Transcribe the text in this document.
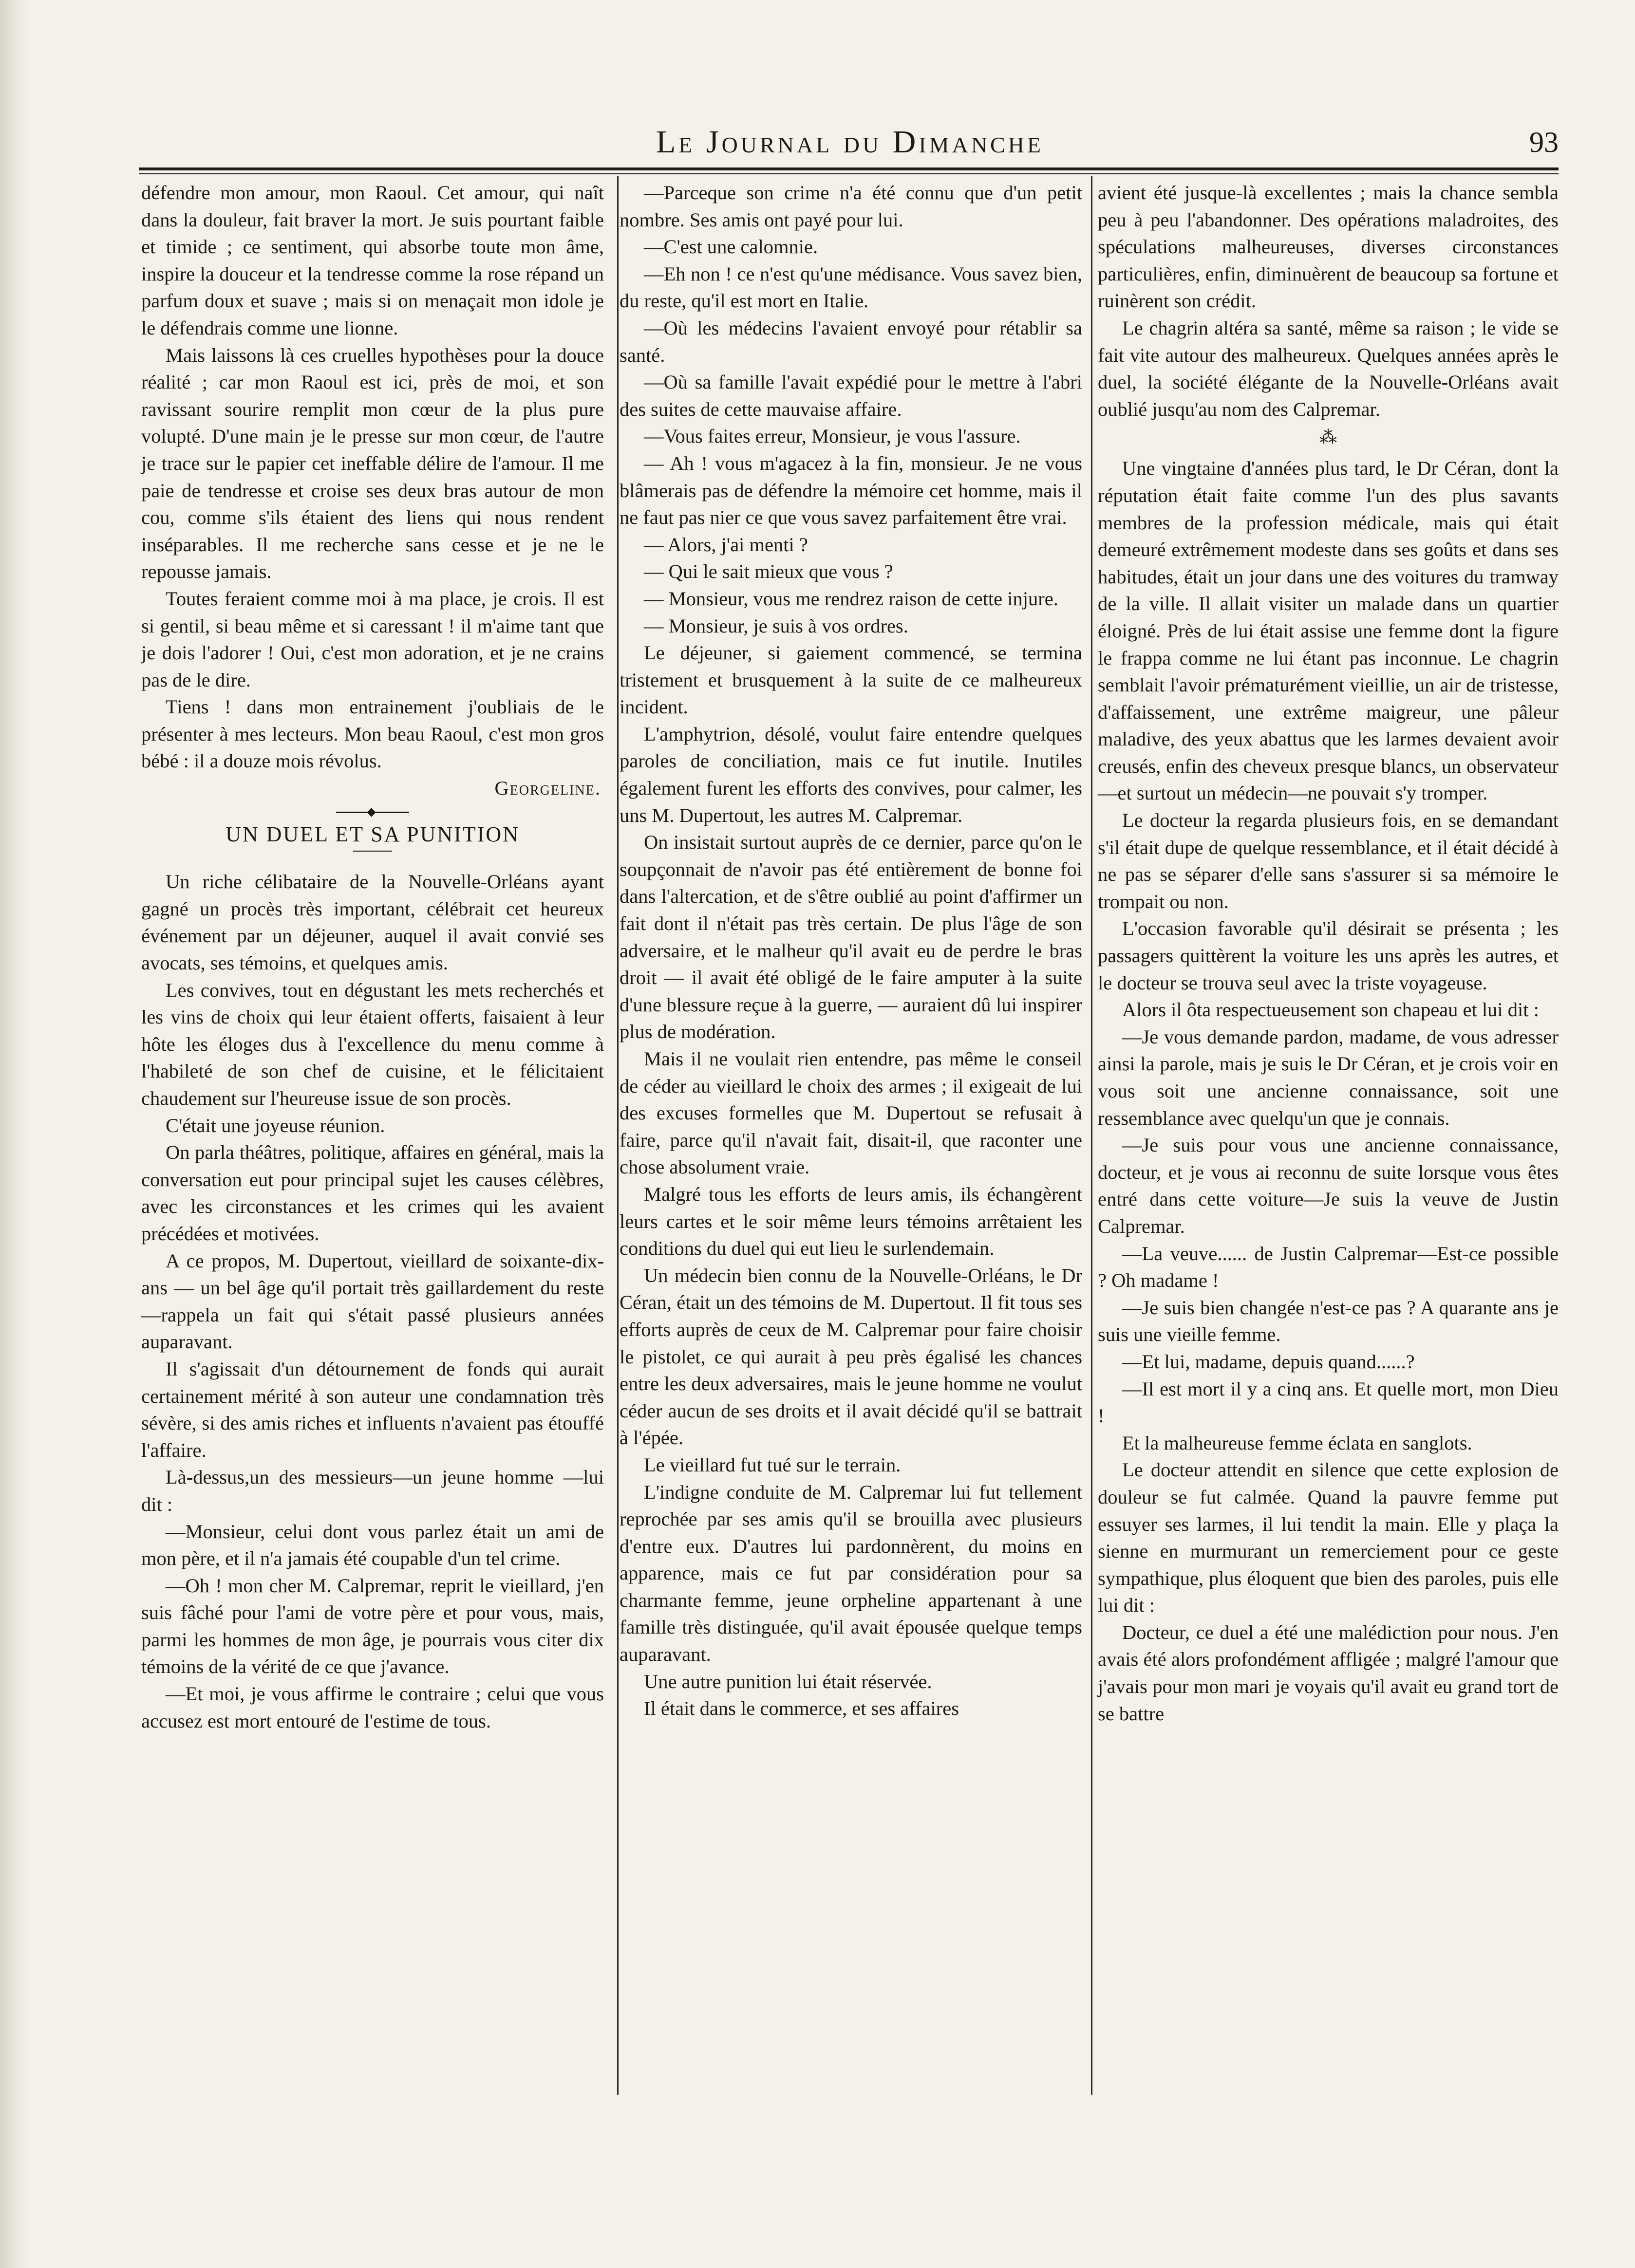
Le Journal du Dimanche	93

défendre mon amour, mon Raoul. Cet amour, qui naît dans la douleur, fait braver la mort. Je suis pourtant faible et timide ; ce sentiment, qui absorbe toute mon âme, inspire la douceur et la tendresse comme la rose répand un parfum doux et suave ; mais si on menaçait mon idole je le défendrais comme une lionne.

Mais laissons là ces cruelles hypothèses pour la douce réalité ; car mon Raoul est ici, près de moi, et son ravissant sourire remplit mon cœur de la plus pure volupté. D'une main je le presse sur mon cœur, de l'autre je trace sur le papier cet ineffable délire de l'amour. Il me paie de tendresse et croise ses deux bras autour de mon cou, comme s'ils étaient des liens qui nous rendent inséparables. Il me recherche sans cesse et je ne le repousse jamais.

Toutes feraient comme moi à ma place, je crois. Il est si gentil, si beau même et si caressant ! il m'aime tant que je dois l'adorer ! Oui, c'est mon adoration, et je ne crains pas de le dire.

Tiens ! dans mon entrainement j'oubliais de le présenter à mes lecteurs. Mon beau Raoul, c'est mon gros bébé : il a douze mois révolus.

Georgeline.

UN DUEL ET SA PUNITION

Un riche célibataire de la Nouvelle-Orléans ayant gagné un procès très important, célébrait cet heureux événement par un déjeuner, auquel il avait convié ses avocats, ses témoins, et quelques amis.

Les convives, tout en dégustant les mets recherchés et les vins de choix qui leur étaient offerts, faisaient à leur hôte les éloges dus à l'excellence du menu comme à l'habileté de son chef de cuisine, et le félicitaient chaudement sur l'heureuse issue de son procès.

C'était une joyeuse réunion.

On parla théâtres, politique, affaires en général, mais la conversation eut pour principal sujet les causes célèbres, avec les circonstances et les crimes qui les avaient précédées et motivées.

A ce propos, M. Dupertout, vieillard de soixante-dix-ans — un bel âge qu'il portait très gaillardement du reste—rappela un fait qui s'était passé plusieurs années auparavant.

Il s'agissait d'un détournement de fonds qui aurait certainement mérité à son auteur une condamnation très sévère, si des amis riches et influents n'avaient pas étouffé l'affaire.

Là-dessus,un des messieurs—un jeune homme —lui dit :

—Monsieur, celui dont vous parlez était un ami de mon père, et il n'a jamais été coupable d'un tel crime.

—Oh ! mon cher M. Calpremar, reprit le vieillard, j'en suis fâché pour l'ami de votre père et pour vous, mais, parmi les hommes de mon âge, je pourrais vous citer dix témoins de la vérité de ce que j'avance.

—Et moi, je vous affirme le contraire ; celui que vous accusez est mort entouré de l'estime de tous.

—Parceque son crime n'a été connu que d'un petit nombre. Ses amis ont payé pour lui.

—C'est une calomnie.

—Eh non ! ce n'est qu'une médisance. Vous savez bien, du reste, qu'il est mort en Italie.

—Où les médecins l'avaient envoyé pour rétablir sa santé.

—Où sa famille l'avait expédié pour le mettre à l'abri des suites de cette mauvaise affaire.

—Vous faites erreur, Monsieur, je vous l'assure.

— Ah ! vous m'agacez à la fin, monsieur. Je ne vous blâmerais pas de défendre la mémoire cet homme, mais il ne faut pas nier ce que vous savez parfaitement être vrai.

— Alors, j'ai menti ?

— Qui le sait mieux que vous ?

— Monsieur, vous me rendrez raison de cette injure.

— Monsieur, je suis à vos ordres.

Le déjeuner, si gaiement commencé, se termina tristement et brusquement à la suite de ce malheureux incident.

L'amphytrion, désolé, voulut faire entendre quelques paroles de conciliation, mais ce fut inutile. Inutiles également furent les efforts des convives, pour calmer, les uns M. Dupertout, les autres M. Calpremar.

On insistait surtout auprès de ce dernier, parce qu'on le soupçonnait de n'avoir pas été entièrement de bonne foi dans l'altercation, et de s'être oublié au point d'affirmer un fait dont il n'était pas très certain. De plus l'âge de son adversaire, et le malheur qu'il avait eu de perdre le bras droit — il avait été obligé de le faire amputer à la suite d'une blessure reçue à la guerre, — auraient dû lui inspirer plus de modération.

Mais il ne voulait rien entendre, pas même le conseil de céder au vieillard le choix des armes ; il exigeait de lui des excuses formelles que M. Dupertout se refusait à faire, parce qu'il n'avait fait, disait-il, que raconter une chose absolument vraie.

Malgré tous les efforts de leurs amis, ils échangèrent leurs cartes et le soir même leurs témoins arrêtaient les conditions du duel qui eut lieu le surlendemain.

Un médecin bien connu de la Nouvelle-Orléans, le Dr Céran, était un des témoins de M. Dupertout. Il fit tous ses efforts auprès de ceux de M. Calpremar pour faire choisir le pistolet, ce qui aurait à peu près égalisé les chances entre les deux adversaires, mais le jeune homme ne voulut céder aucun de ses droits et il avait décidé qu'il se battrait à l'épée.

Le vieillard fut tué sur le terrain.

L'indigne conduite de M. Calpremar lui fut tellement reprochée par ses amis qu'il se brouilla avec plusieurs d'entre eux. D'autres lui pardonnèrent, du moins en apparence, mais ce fut par considération pour sa charmante femme, jeune orpheline appartenant à une famille très distinguée, qu'il avait épousée quelque temps auparavant.

Une autre punition lui était réservée.

Il était dans le commerce, et ses affaires

avient été jusque-là excellentes ; mais la chance sembla peu à peu l'abandonner. Des opérations maladroites, des spéculations malheureuses, diverses circonstances particulières, enfin, diminuèrent de beaucoup sa fortune et ruinèrent son crédit.

Le chagrin altéra sa santé, même sa raison ; le vide se fait vite autour des malheureux. Quelques années après le duel, la société élégante de la Nouvelle-Orléans avait oublié jusqu'au nom des Calpremar.

⁂

Une vingtaine d'années plus tard, le Dr Céran, dont la réputation était faite comme l'un des plus savants membres de la profession médicale, mais qui était demeuré extrêmement modeste dans ses goûts et dans ses habitudes, était un jour dans une des voitures du tramway de la ville. Il allait visiter un malade dans un quartier éloigné. Près de lui était assise une femme dont la figure le frappa comme ne lui étant pas inconnue. Le chagrin semblait l'avoir prématurément vieillie, un air de tristesse, d'affaissement, une extrême maigreur, une pâleur maladive, des yeux abattus que les larmes devaient avoir creusés, enfin des cheveux presque blancs, un observateur—et surtout un médecin—ne pouvait s'y tromper.

Le docteur la regarda plusieurs fois, en se demandant s'il était dupe de quelque ressemblance, et il était décidé à ne pas se séparer d'elle sans s'assurer si sa mémoire le trompait ou non.

L'occasion favorable qu'il désirait se présenta ; les passagers quittèrent la voiture les uns après les autres, et le docteur se trouva seul avec la triste voyageuse.

Alors il ôta respectueusement son chapeau et lui dit :

—Je vous demande pardon, madame, de vous adresser ainsi la parole, mais je suis le Dr Céran, et je crois voir en vous soit une ancienne connaissance, soit une ressemblance avec quelqu'un que je connais.

—Je suis pour vous une ancienne connaissance, docteur, et je vous ai reconnu de suite lorsque vous êtes entré dans cette voiture—Je suis la veuve de Justin Calpremar.

—La veuve...... de Justin Calpremar—Est-ce possible ? Oh madame !

—Je suis bien changée n'est-ce pas ? A quarante ans je suis une vieille femme.

—Et lui, madame, depuis quand......?

—Il est mort il y a cinq ans. Et quelle mort, mon Dieu !

Et la malheureuse femme éclata en sanglots.

Le docteur attendit en silence que cette explosion de douleur se fut calmée. Quand la pauvre femme put essuyer ses larmes, il lui tendit la main. Elle y plaça la sienne en murmurant un remerciement pour ce geste sympathique, plus éloquent que bien des paroles, puis elle lui dit :

Docteur, ce duel a été une malédiction pour nous. J'en avais été alors profondément affligée ; malgré l'amour que j'avais pour mon mari je voyais qu'il avait eu grand tort de se battre
